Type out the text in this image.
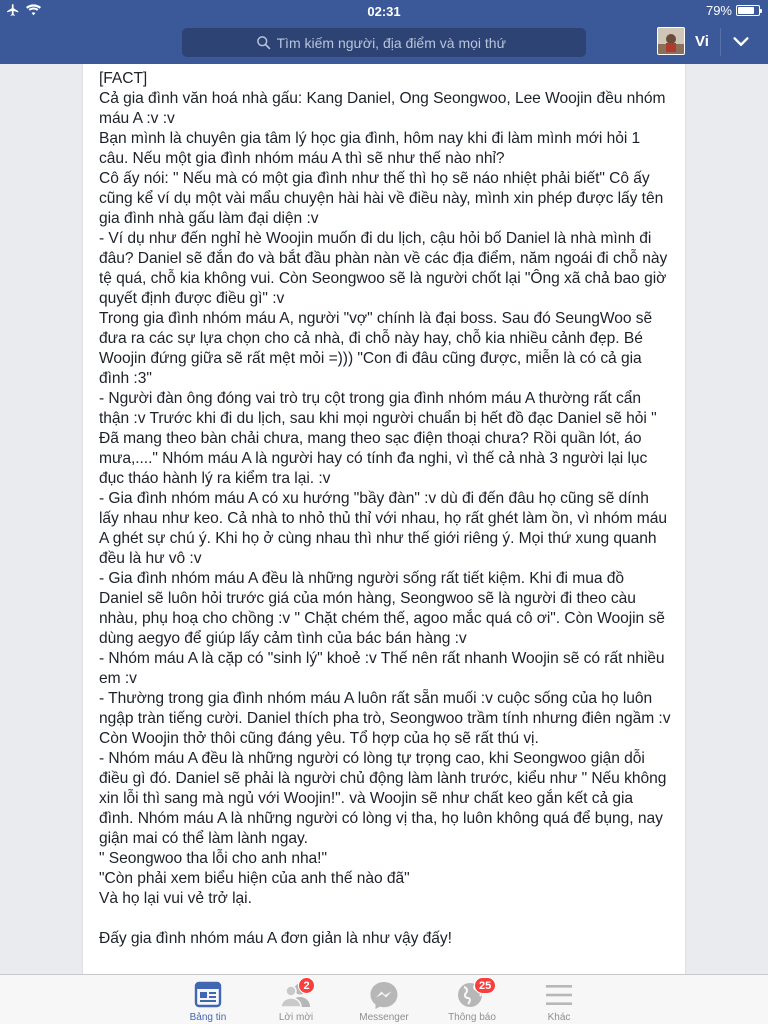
02:31	79%
Tìm kiếm người, địa điểm và mọi thứ
Vi

[FACT]

Cả gia đình văn hoá nhà gấu: Kang Daniel, Ong Seongwoo, Lee Woojin đều nhóm máu A :v :v

Bạn mình là chuyên gia tâm lý học gia đình, hôm nay khi đi làm mình mới hỏi 1 câu. Nếu một gia đình nhóm máu A thì sẽ như thế nào nhỉ?

Cô ấy nói: " Nếu mà có một gia đình như thế thì họ sẽ náo nhiệt phải biết" Cô ấy cũng kể ví dụ một vài mẩu chuyện hài hài về điều này, mình xin phép được lấy tên gia đình nhà gấu làm đại diện :v

- Ví dụ như đến nghỉ hè Woojin muốn đi du lịch, cậu hỏi bố Daniel là nhà mình đi đâu? Daniel sẽ đắn đo và bắt đầu phàn nàn về các địa điểm, năm ngoái đi chỗ này tệ quá, chỗ kia không vui. Còn Seongwoo sẽ là người chốt lại "Ông xã chả bao giờ quyết định được điều gì" :v

Trong gia đình nhóm máu A, người "vợ" chính là đại boss. Sau đó SeungWoo sẽ đưa ra các sự lựa chọn cho cả nhà, đi chỗ này hay, chỗ kia nhiều cảnh đẹp. Bé Woojin đứng giữa sẽ rất mệt mỏi =))) "Con đi đâu cũng được, miễn là có cả gia đình :3"

- Người đàn ông đóng vai trò trụ cột trong gia đình nhóm máu A thường rất cẩn thận :v Trước khi đi du lịch, sau khi mọi người chuẩn bị hết đồ đạc Daniel sẽ hỏi " Đã mang theo bàn chải chưa, mang theo sạc điện thoại chưa? Rồi quần lót, áo mưa,...." Nhóm máu A là người hay có tính đa nghi, vì thế cả nhà 3 người lại lục đục tháo hành lý ra kiểm tra lại. :v

- Gia đình nhóm máu A có xu hướng "bầy đàn" :v dù đi đến đâu họ cũng sẽ dính lấy nhau như keo. Cả nhà to nhỏ thủ thỉ với nhau, họ rất ghét làm ồn, vì nhóm máu A ghét sự chú ý. Khi họ ở cùng nhau thì như thế giới riêng ý. Mọi thứ xung quanh đều là hư vô :v

- Gia đình nhóm máu A đều là những người sống rất tiết kiệm. Khi đi mua đồ Daniel sẽ luôn hỏi trước giá của món hàng, Seongwoo sẽ là người đi theo càu nhàu, phụ hoạ cho chồng :v " Chặt chém thế, agoo mắc quá cô ơi". Còn Woojin sẽ dùng aegyo để giúp lấy cảm tình của bác bán hàng :v

- Nhóm máu A là cặp có "sinh lý" khoẻ :v Thế nên rất nhanh Woojin sẽ có rất nhiều em :v

- Thường trong gia đình nhóm máu A luôn rất sẵn muối :v cuộc sống của họ luôn ngập tràn tiếng cười. Daniel thích pha trò, Seongwoo trầm tính nhưng điên ngầm :v Còn Woojin thở thôi cũng đáng yêu. Tổ hợp của họ sẽ rất thú vị.

- Nhóm máu A đều là những người có lòng tự trọng cao, khi Seongwoo giận dỗi điều gì đó. Daniel sẽ phải là người chủ động làm lành trước, kiểu như " Nếu không xin lỗi thì sang mà ngủ với Woojin!". và Woojin sẽ như chất keo gắn kết cả gia đình. Nhóm máu A là những người có lòng vị tha, họ luôn không quá để bụng, nay giận mai có thể làm lành ngay.

" Seongwoo tha lỗi cho anh nha!"

"Còn phải xem biểu hiện của anh thế nào đã"

Và họ lại vui vẻ trở lại.

Đấy gia đình nhóm máu A đơn giản là như vậy đấy!

Bảng tin
2
Lời mời	Messenger
25
Thông báo	Khác
